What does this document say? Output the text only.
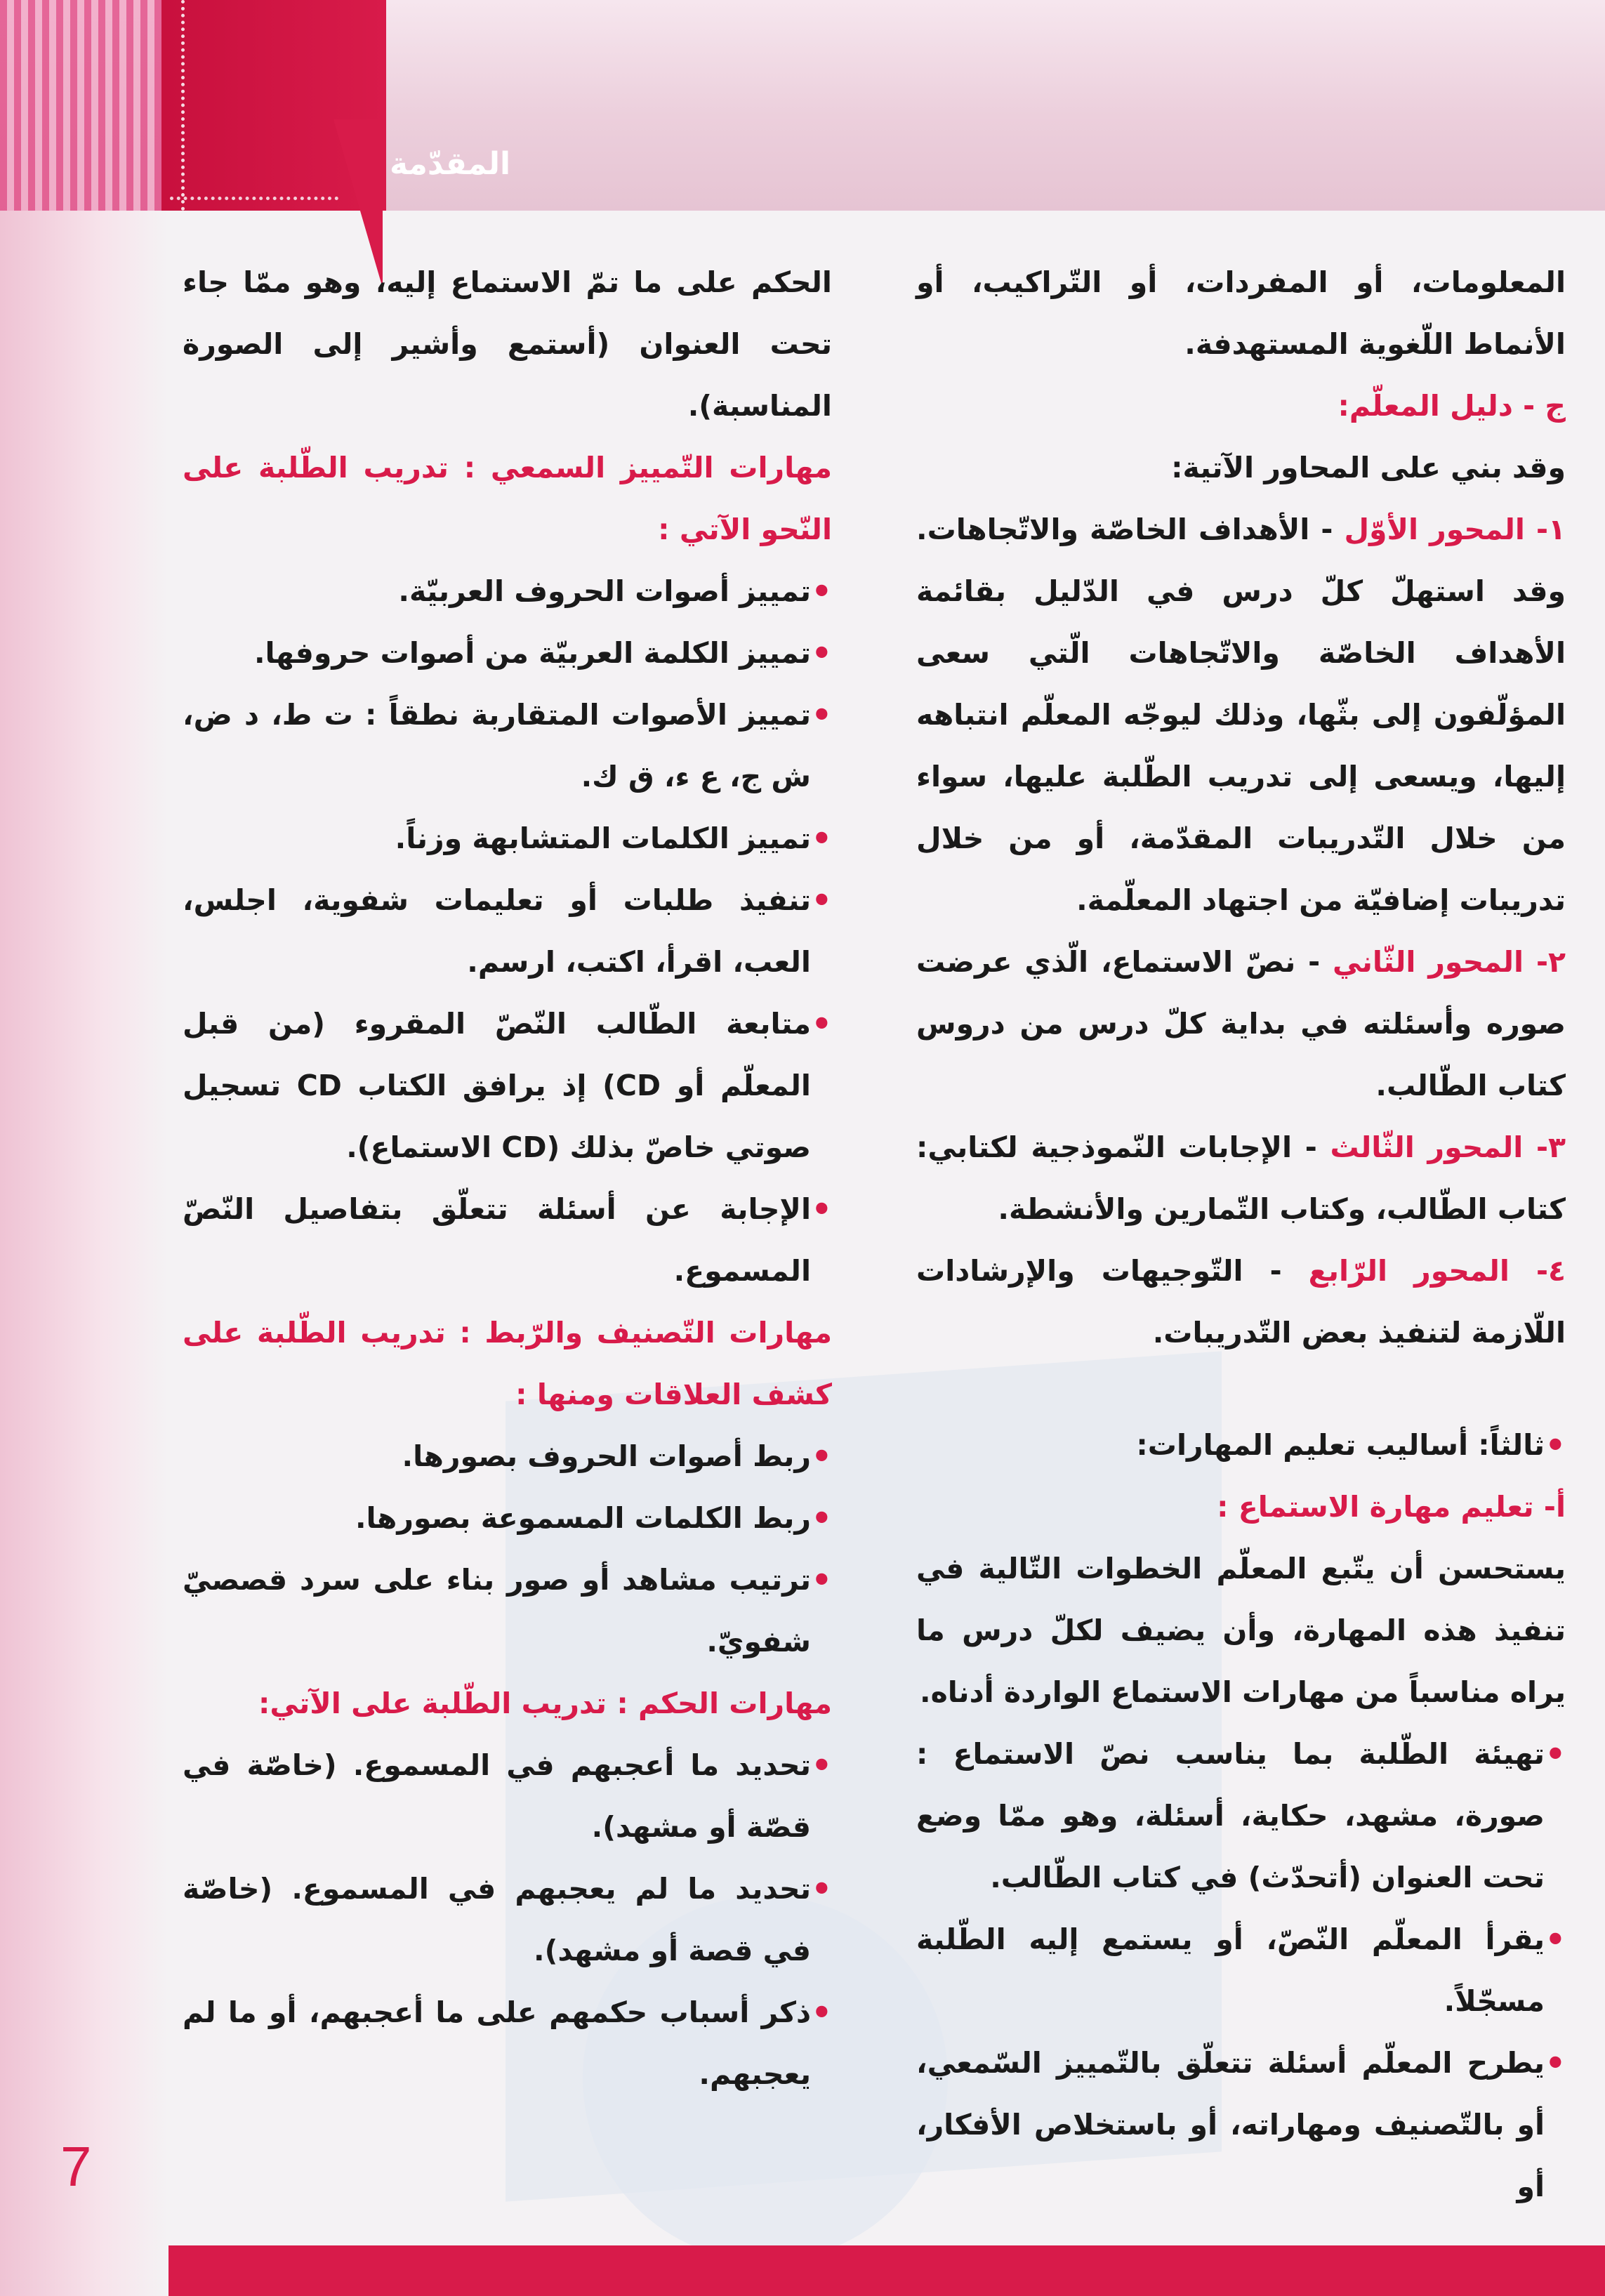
المقدّمة

المعلومات، أو المفردات، أو التّراكيب، أو الأنماط اللّغوية المستهدفة.

ج - دليل المعلّم:

وقد بني على المحاور الآتية:

١- المحور الأوّل - الأهداف الخاصّة والاتّجاهات. وقد استهلّ كلّ درس في الدّليل بقائمة الأهداف الخاصّة والاتّجاهات الّتي سعى المؤلّفون إلى بثّها، وذلك ليوجّه المعلّم انتباهه إليها، ويسعى إلى تدريب الطّلبة عليها، سواء من خلال التّدريبات المقدّمة، أو من خلال تدريبات إضافيّة من اجتهاد المعلّمة.

٢- المحور الثّاني - نصّ الاستماع، الّذي عرضت صوره وأسئلته في بداية كلّ درس من دروس كتاب الطّالب.

٣- المحور الثّالث - الإجابات النّموذجية لكتابي: كتاب الطّالب، وكتاب التّمارين والأنشطة.

٤- المحور الرّابع - التّوجيهات والإرشادات اللّازمة لتنفيذ بعض التّدريبات.

• ثالثاً: أساليب تعليم المهارات:

أ- تعليم مهارة الاستماع :

يستحسن أن يتّبع المعلّم الخطوات التّالية في تنفيذ هذه المهارة، وأن يضيف لكلّ درس ما يراه مناسباً من مهارات الاستماع الواردة أدناه.

• تهيئة الطّلبة بما يناسب نصّ الاستماع : صورة، مشهد، حكاية، أسئلة، وهو ممّا وضع تحت العنوان (أتحدّث) في كتاب الطّالب.

• يقرأ المعلّم النّصّ، أو يستمع إليه الطّلبة مسجّلاً.

• يطرح المعلّم أسئلة تتعلّق بالتّمييز السّمعي، أو بالتّصنيف ومهاراته، أو باستخلاص الأفكار، أو

الحكم على ما تمّ الاستماع إليه، وهو ممّا جاء تحت العنوان (أستمع وأشير إلى الصورة المناسبة).

مهارات التّمييز السمعي : تدريب الطّلبة على النّحو الآتي :

• تمييز أصوات الحروف العربيّة.

• تمييز الكلمة العربيّة من أصوات حروفها.

• تمييز الأصوات المتقاربة نطقاً : ت ط، د ض، ش ج، ع ء، ق ك.

• تمييز الكلمات المتشابهة وزناً.

• تنفيذ طلبات أو تعليمات شفوية، اجلس، العب، اقرأ، اكتب، ارسم.

• متابعة الطّالب النّصّ المقروء (من قبل المعلّم أو CD) إذ يرافق الكتاب CD تسجيل صوتي خاصّ بذلك (CD الاستماع).

• الإجابة عن أسئلة تتعلّق بتفاصيل النّصّ المسموع.

مهارات التّصنيف والرّبط : تدريب الطّلبة على كشف العلاقات ومنها :

• ربط أصوات الحروف بصورها.

• ربط الكلمات المسموعة بصورها.

• ترتيب مشاهد أو صور بناء على سرد قصصيّ شفويّ.

مهارات الحكم : تدريب الطّلبة على الآتي:

• تحديد ما أعجبهم في المسموع. (خاصّة في قصّة أو مشهد).

• تحديد ما لم يعجبهم في المسموع. (خاصّة في قصة أو مشهد).

• ذكر أسباب حكمهم على ما أعجبهم، أو ما لم يعجبهم.

7
